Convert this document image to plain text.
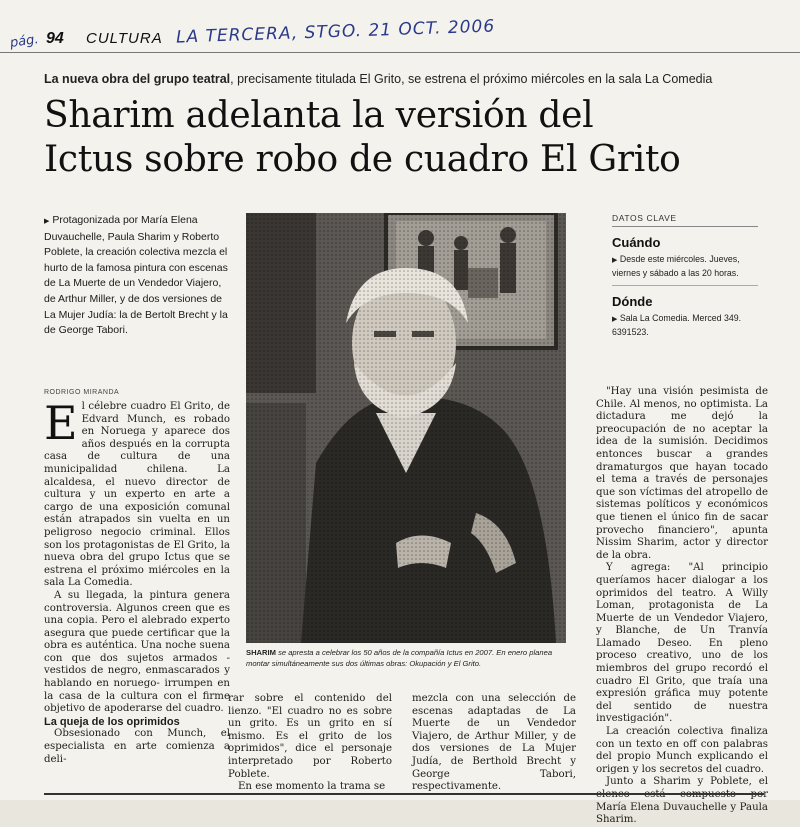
pág. 94 CULTURA LA TERCERA, STGO. 21 OCT. 2006
La nueva obra del grupo teatral, precisamente titulada El Grito, se estrena el próximo miércoles en la sala La Comedia
Sharim adelanta la versión del
Ictus sobre robo de cuadro El Grito
▶ Protagonizada por María Elena Duvauchelle, Paula Sharim y Roberto Poblete, la creación colectiva mezcla el hurto de la famosa pintura con escenas de La Muerte de un Vendedor Viajero, de Arthur Miller, y de dos versiones de La Mujer Judía: la de Bertolt Brecht y la de George Tabori.
RODRIGO MIRANDA

El célebre cuadro El Grito, de Edvard Munch, es robado en Noruega y aparece dos años después en la corrupta casa de cultura de una municipalidad chilena. La alcaldesa, el nuevo director de cultura y un experto en arte a cargo de una exposición comunal están atrapados sin vuelta en un peligroso negocio criminal. Ellos son los protagonistas de El Grito, la nueva obra del grupo Ictus que se estrena el próximo miércoles en la sala La Comedia.

A su llegada, la pintura genera controversia. Algunos creen que es una copia. Pero el alebrado experto asegura que puede certificar que la obra es auténtica. Una noche suena con que dos sujetos armados -vestidos de negro, enmascarados y hablando en noruego- irrumpen en la casa de la cultura con el firme objetivo de apoderarse del cuadro.

La queja de los oprimidos

Obsesionado con Munch, el especialista en arte comienza a deli-

SHARIM se apresta a celebrar los 50 años de la compañía Ictus en 2007. En enero planea montar simultáneamente sus dos últimas obras: Okupación y El Grito.
DATOS CLAVE
Cuándo
▶ Desde este miércoles. Jueves, viernes y sábado a las 20 horas.
Dónde
▶ Sala La Comedia. Merced 349. 6391523.

rar sobre el contenido del lienzo. "El cuadro no es sobre un grito. Es un grito en sí mismo. Es el grito de los oprimidos", dice el personaje interpretado por Roberto Poblete.

En ese momento la trama se

mezcla con una selección de escenas adaptadas de La Muerte de un Vendedor Viajero, de Arthur Miller, y de dos versiones de La Mujer Judía, de Berthold Brecht y George Tabori, respectivamente.

"Hay una visión pesimista de Chile. Al menos, no optimista. La dictadura me dejó la preocupación de no aceptar la idea de la sumisión. Decidimos entonces buscar a grandes dramaturgos que hayan tocado el tema a través de personajes que son víctimas del atropello de sistemas políticos y económicos que tienen el único fin de sacar provecho financiero", apunta Nissim Sharim, actor y director de la obra.

Y agrega: "Al principio queríamos hacer dialogar a los oprimidos del teatro. A Willy Loman, protagonista de La Muerte de un Vendedor Viajero, y Blanche, de Un Tranvía Llamado Deseo. En pleno proceso creativo, uno de los miembros del grupo recordó el cuadro El Grito, que traía una expresión gráfica muy potente del sentido de nuestra investigación".

La creación colectiva finaliza con un texto en off con palabras del propio Munch explicando el origen y los secretos del cuadro.

Junto a Sharim y Poblete, el elenco está compuesto por María Elena Duvauchelle y Paula Sharim.
